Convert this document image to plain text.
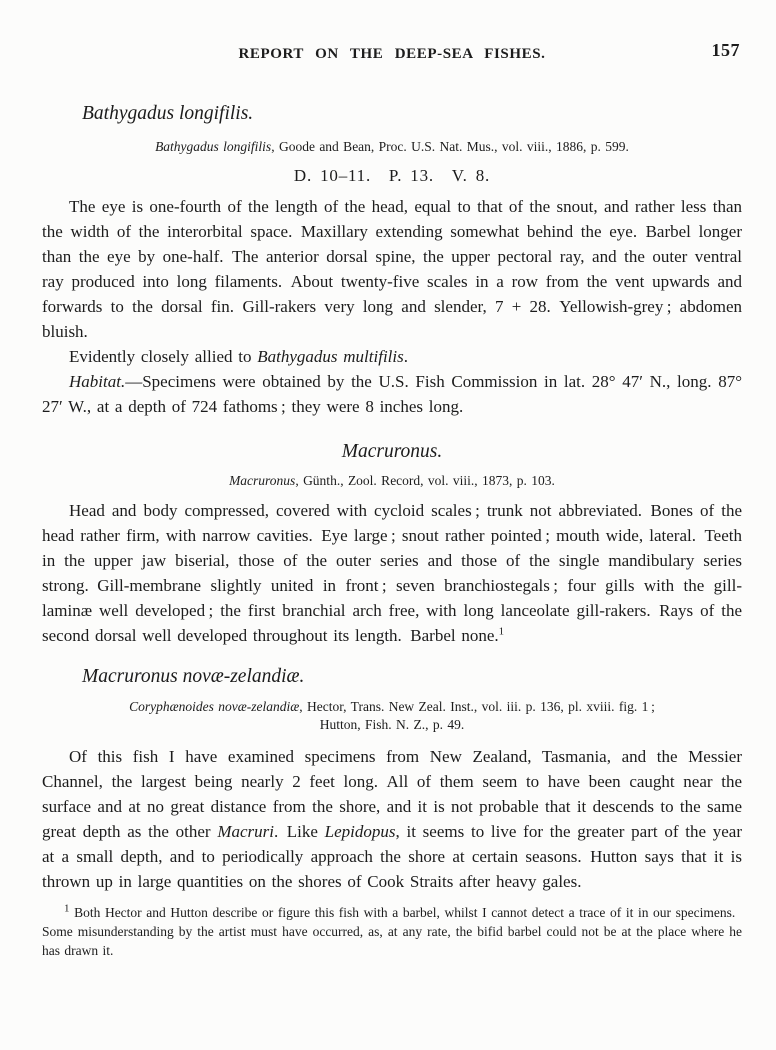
REPORT ON THE DEEP-SEA FISHES.	157
Bathygadus longifilis.
Bathygadus longifilis, Goode and Bean, Proc. U.S. Nat. Mus., vol. viii., 1886, p. 599.
D. 10–11. P. 13. V. 8.
The eye is one-fourth of the length of the head, equal to that of the snout, and rather less than the width of the interorbital space. Maxillary extending somewhat behind the eye. Barbel longer than the eye by one-half. The anterior dorsal spine, the upper pectoral ray, and the outer ventral ray produced into long filaments. About twenty-five scales in a row from the vent upwards and forwards to the dorsal fin. Gill-rakers very long and slender, 7 + 28. Yellowish-grey ; abdomen bluish.
Evidently closely allied to Bathygadus multifilis.
Habitat.—Specimens were obtained by the U.S. Fish Commission in lat. 28° 47′ N., long. 87° 27′ W., at a depth of 724 fathoms ; they were 8 inches long.
Macruronus.
Macruronus, Günth., Zool. Record, vol. viii., 1873, p. 103.
Head and body compressed, covered with cycloid scales ; trunk not abbreviated. Bones of the head rather firm, with narrow cavities. Eye large ; snout rather pointed ; mouth wide, lateral. Teeth in the upper jaw biserial, those of the outer series and those of the single mandibulary series strong. Gill-membrane slightly united in front ; seven branchiostegals ; four gills with the gill-laminæ well developed ; the first branchial arch free, with long lanceolate gill-rakers. Rays of the second dorsal well developed throughout its length. Barbel none.$^1$
Macruronus novæ-zelandiæ.
Coryphænoides novæ-zelandiæ, Hector, Trans. New Zeal. Inst., vol. iii. p. 136, pl. xviii. fig. 1 ;
Hutton, Fish. N. Z., p. 49.
Of this fish I have examined specimens from New Zealand, Tasmania, and the Messier Channel, the largest being nearly 2 feet long. All of them seem to have been caught near the surface and at no great distance from the shore, and it is not probable that it descends to the same great depth as the other Macruri. Like Lepidopus, it seems to live for the greater part of the year at a small depth, and to periodically approach the shore at certain seasons. Hutton says that it is thrown up in large quantities on the shores of Cook Straits after heavy gales.
$^1$ Both Hector and Hutton describe or figure this fish with a barbel, whilst I cannot detect a trace of it in our specimens. Some misunderstanding by the artist must have occurred, as, at any rate, the bifid barbel could not be at the place where he has drawn it.
